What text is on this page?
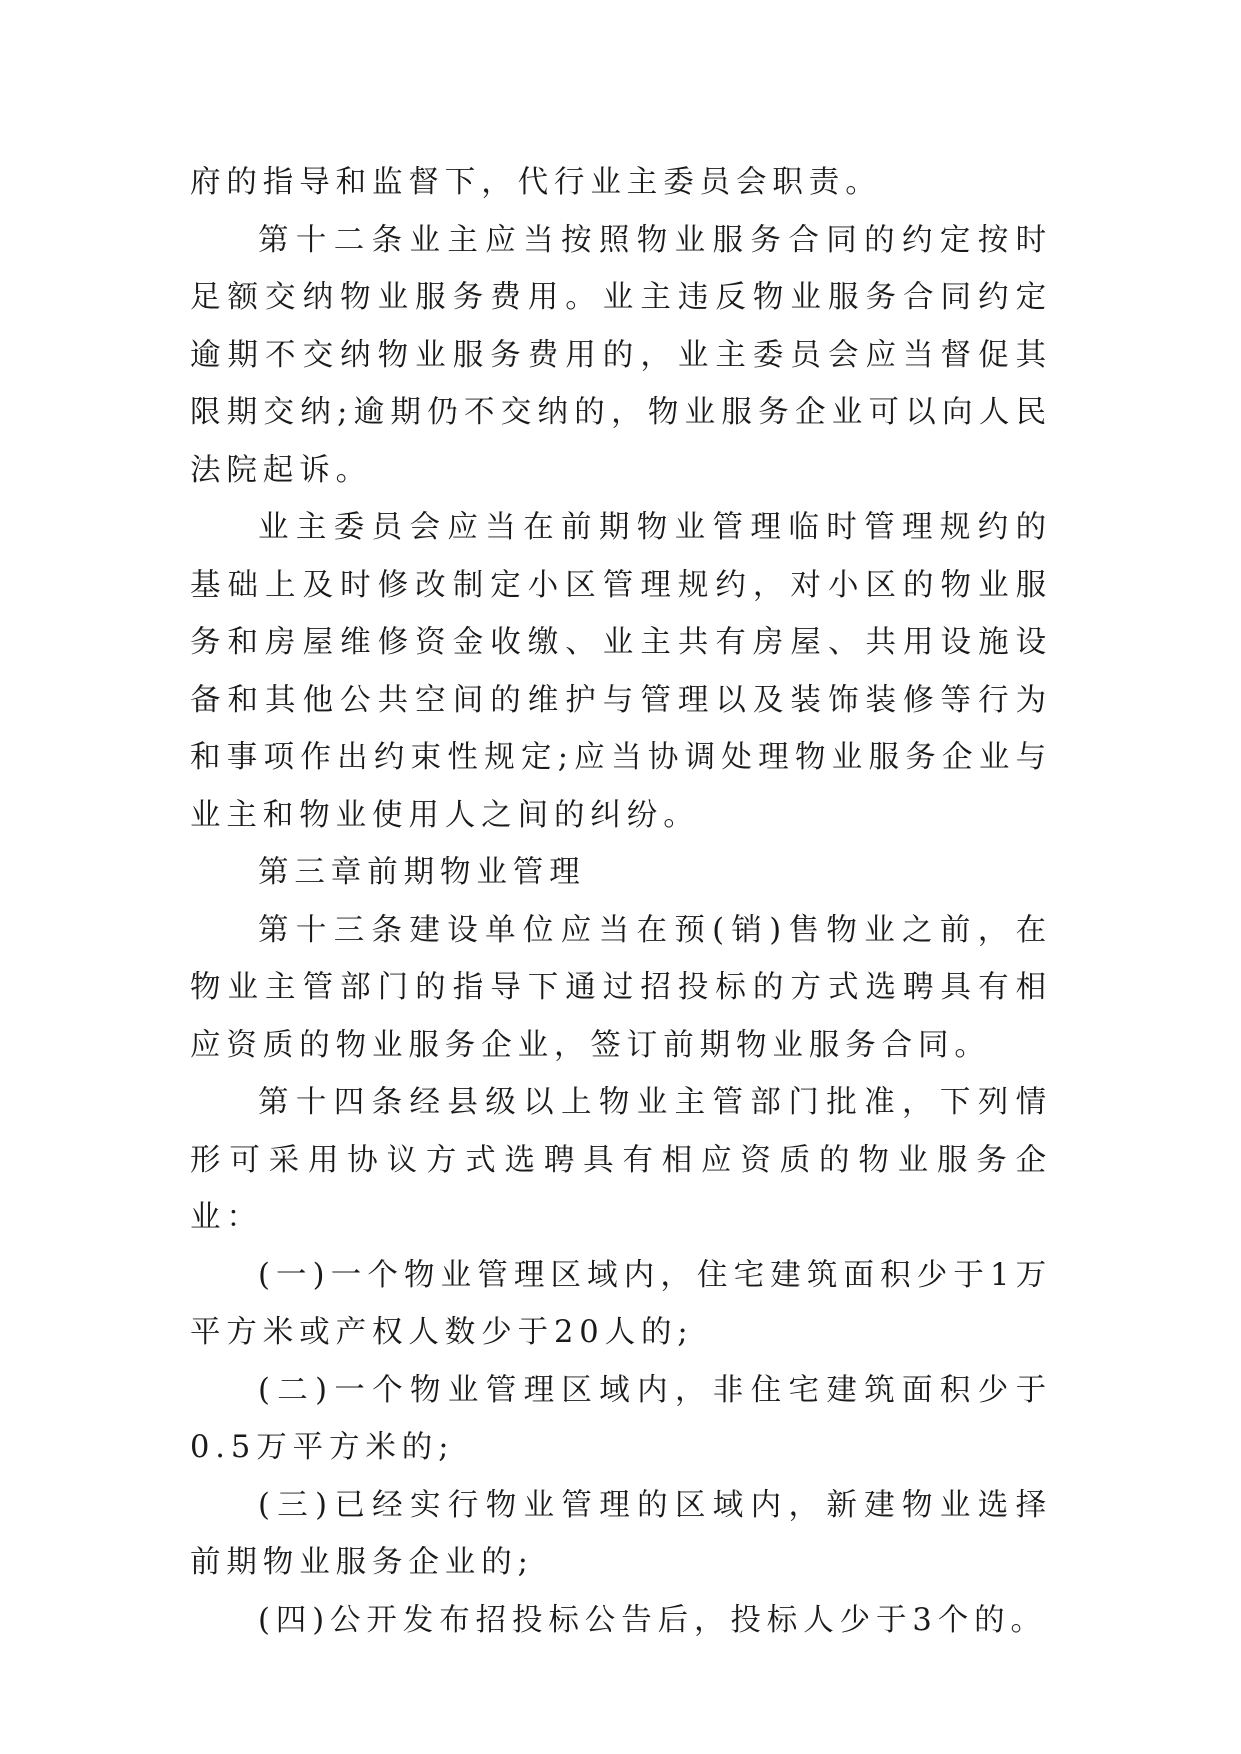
府的指导和监督下，代行业主委员会职责。

第十二条业主应当按照物业服务合同的约定按时足额交纳物业服务费用。业主违反物业服务合同约定逾期不交纳物业服务费用的，业主委员会应当督促其限期交纳;逾期仍不交纳的，物业服务企业可以向人民法院起诉。

业主委员会应当在前期物业管理临时管理规约的基础上及时修改制定小区管理规约，对小区的物业服务和房屋维修资金收缴、业主共有房屋、共用设施设备和其他公共空间的维护与管理以及装饰装修等行为和事项作出约束性规定;应当协调处理物业服务企业与业主和物业使用人之间的纠纷。

第三章前期物业管理

第十三条建设单位应当在预(销)售物业之前，在物业主管部门的指导下通过招投标的方式选聘具有相应资质的物业服务企业，签订前期物业服务合同。

第十四条经县级以上物业主管部门批准，下列情形可采用协议方式选聘具有相应资质的物业服务企业：

(一)一个物业管理区域内，住宅建筑面积少于1万平方米或产权人数少于20人的;

(二)一个物业管理区域内，非住宅建筑面积少于0.5万平方米的;

(三)已经实行物业管理的区域内，新建物业选择前期物业服务企业的;

(四)公开发布招投标公告后，投标人少于3个的。
